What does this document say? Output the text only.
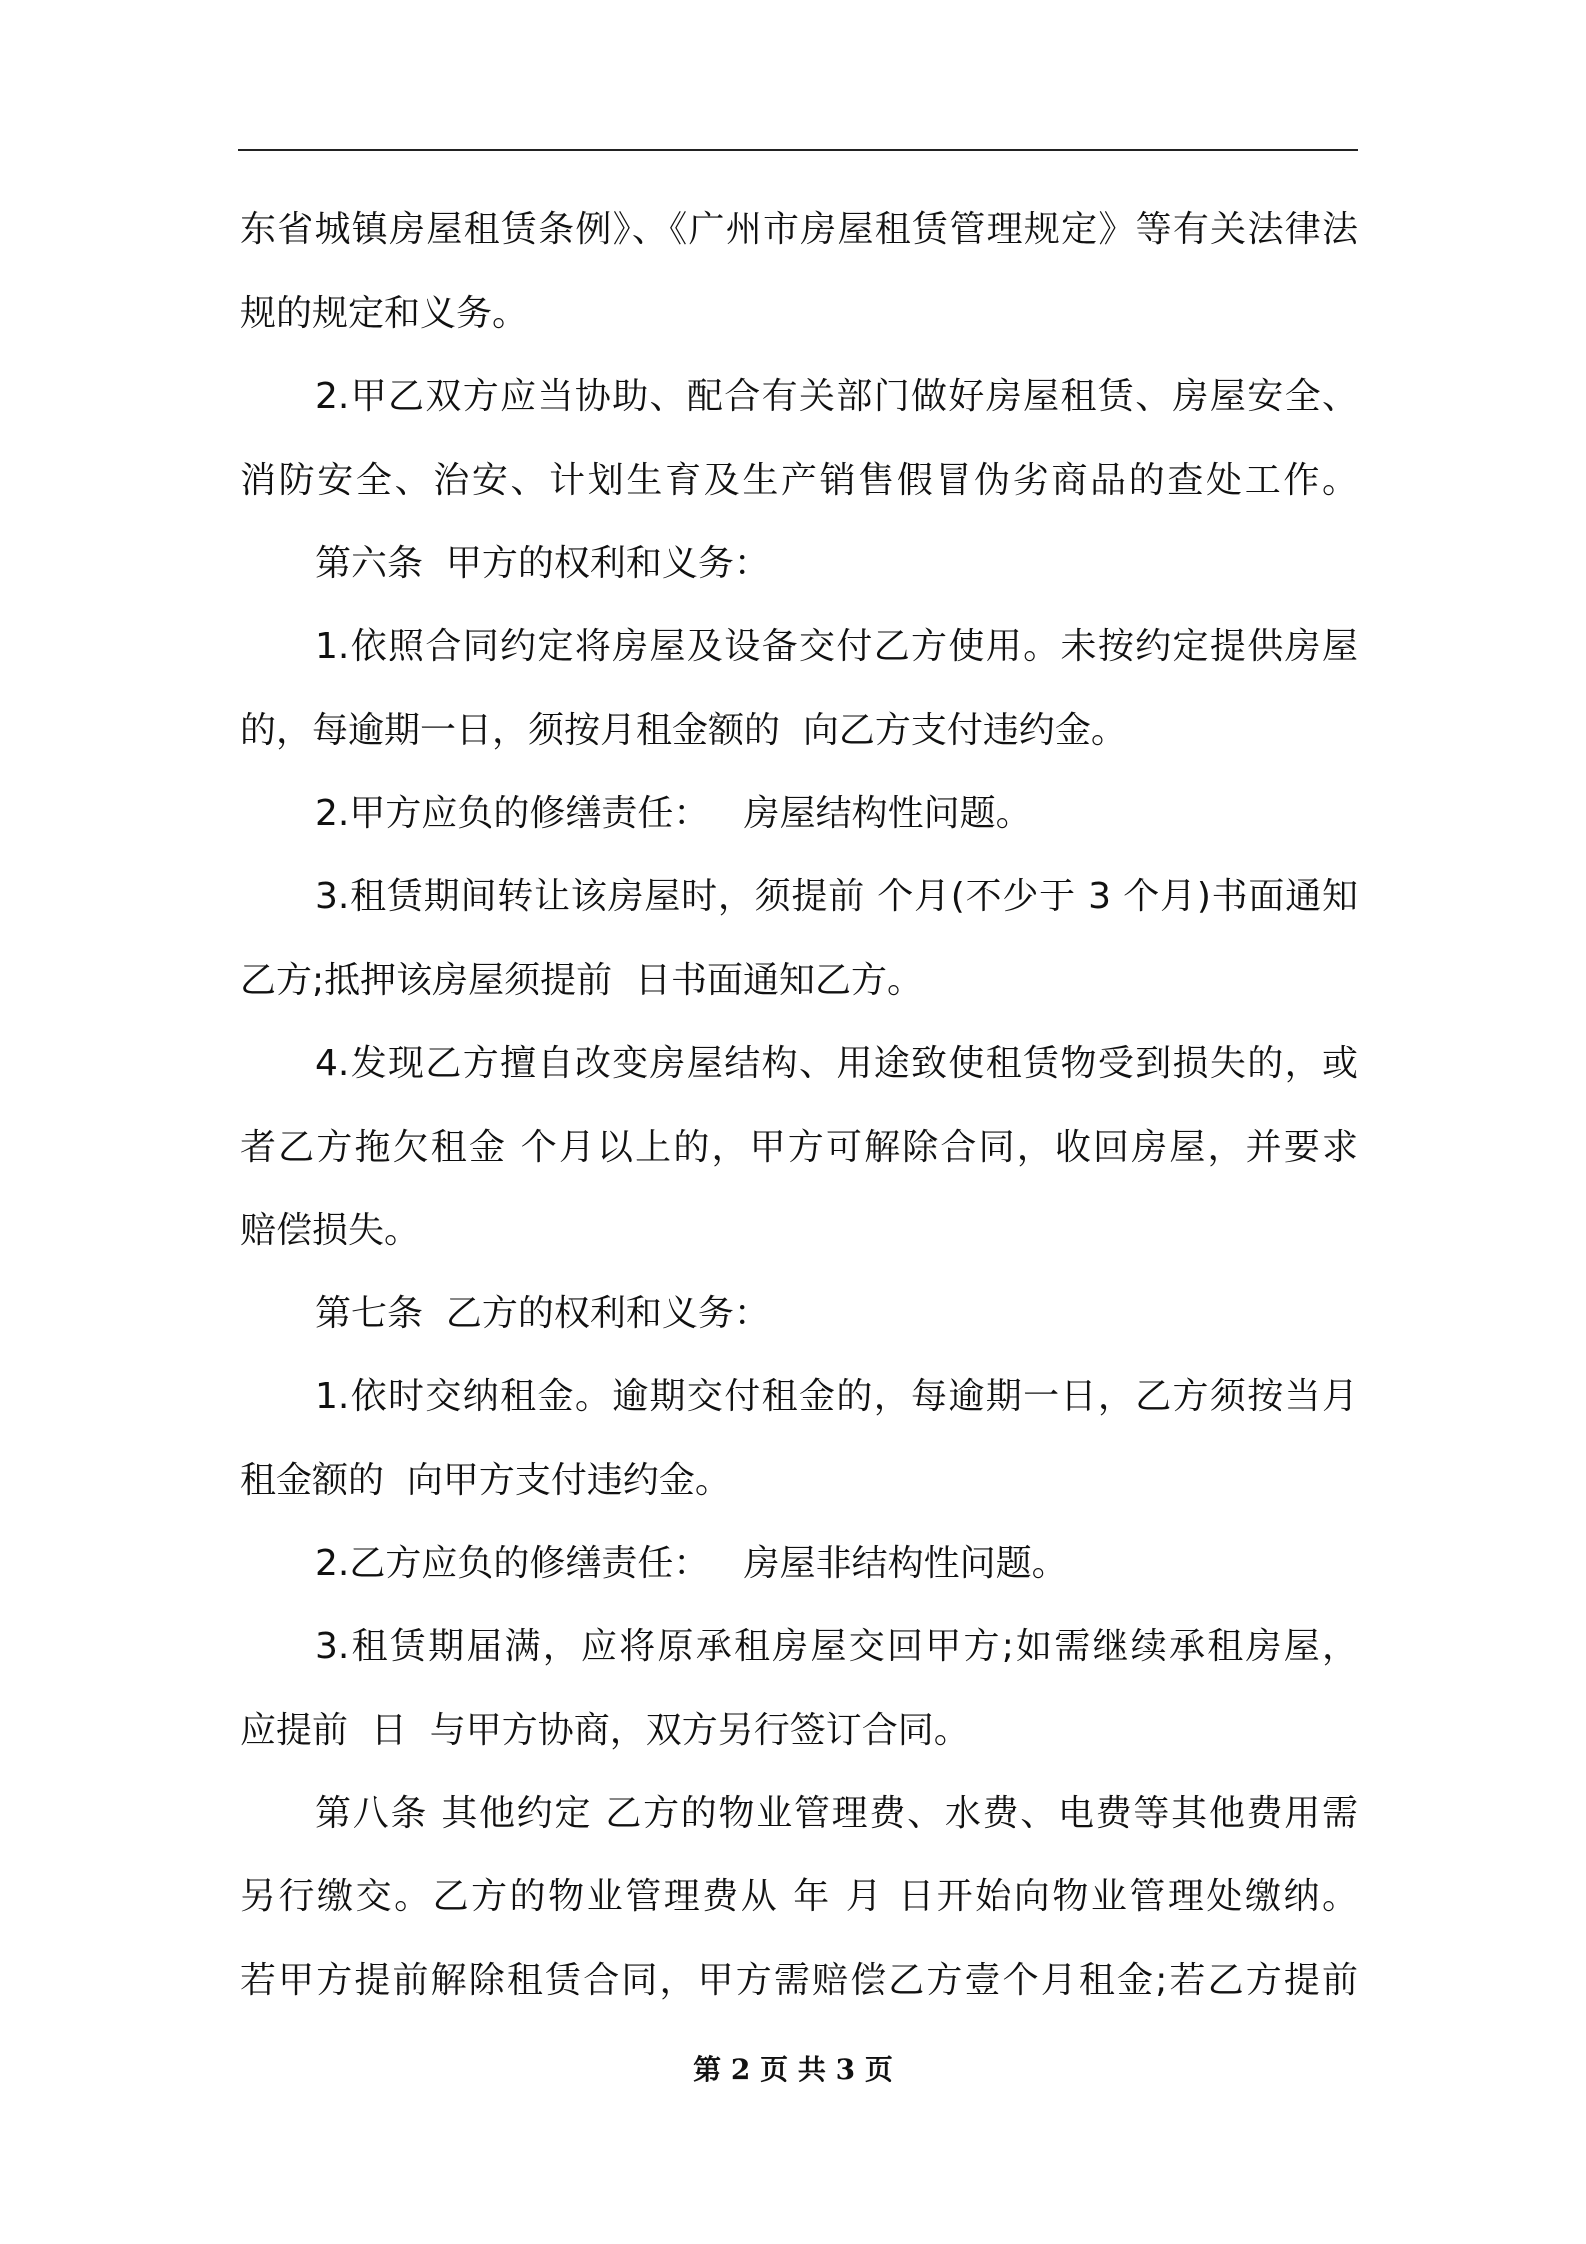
东省城镇房屋租赁条例》、《广州市房屋租赁管理规定》等有关法律法
规的规定和义务。
2.甲乙双方应当协助、配合有关部门做好房屋租赁、房屋安全、
消防安全、治安、计划生育及生产销售假冒伪劣商品的查处工作。
第六条  甲方的权利和义务：
1.依照合同约定将房屋及设备交付乙方使用。未按约定提供房屋
的，每逾期一日，须按月租金额的  向乙方支付违约金。
2.甲方应负的修缮责任：   房屋结构性问题。
3.租赁期间转让该房屋时，须提前 个月(不少于 3 个月)书面通知
乙方;抵押该房屋须提前  日书面通知乙方。
4.发现乙方擅自改变房屋结构、用途致使租赁物受到损失的，或
者乙方拖欠租金 个月以上的，甲方可解除合同，收回房屋，并要求
赔偿损失。
第七条  乙方的权利和义务：
1.依时交纳租金。逾期交付租金的，每逾期一日，乙方须按当月
租金额的  向甲方支付违约金。
2.乙方应负的修缮责任：   房屋非结构性问题。
3.租赁期届满，应将原承租房屋交回甲方;如需继续承租房屋，
应提前  日  与甲方协商，双方另行签订合同。
第八条 其他约定 乙方的物业管理费、水费、电费等其他费用需
另行缴交。乙方的物业管理费从 年 月 日开始向物业管理处缴纳。
若甲方提前解除租赁合同，甲方需赔偿乙方壹个月租金;若乙方提前
第 2 页 共 3 页
